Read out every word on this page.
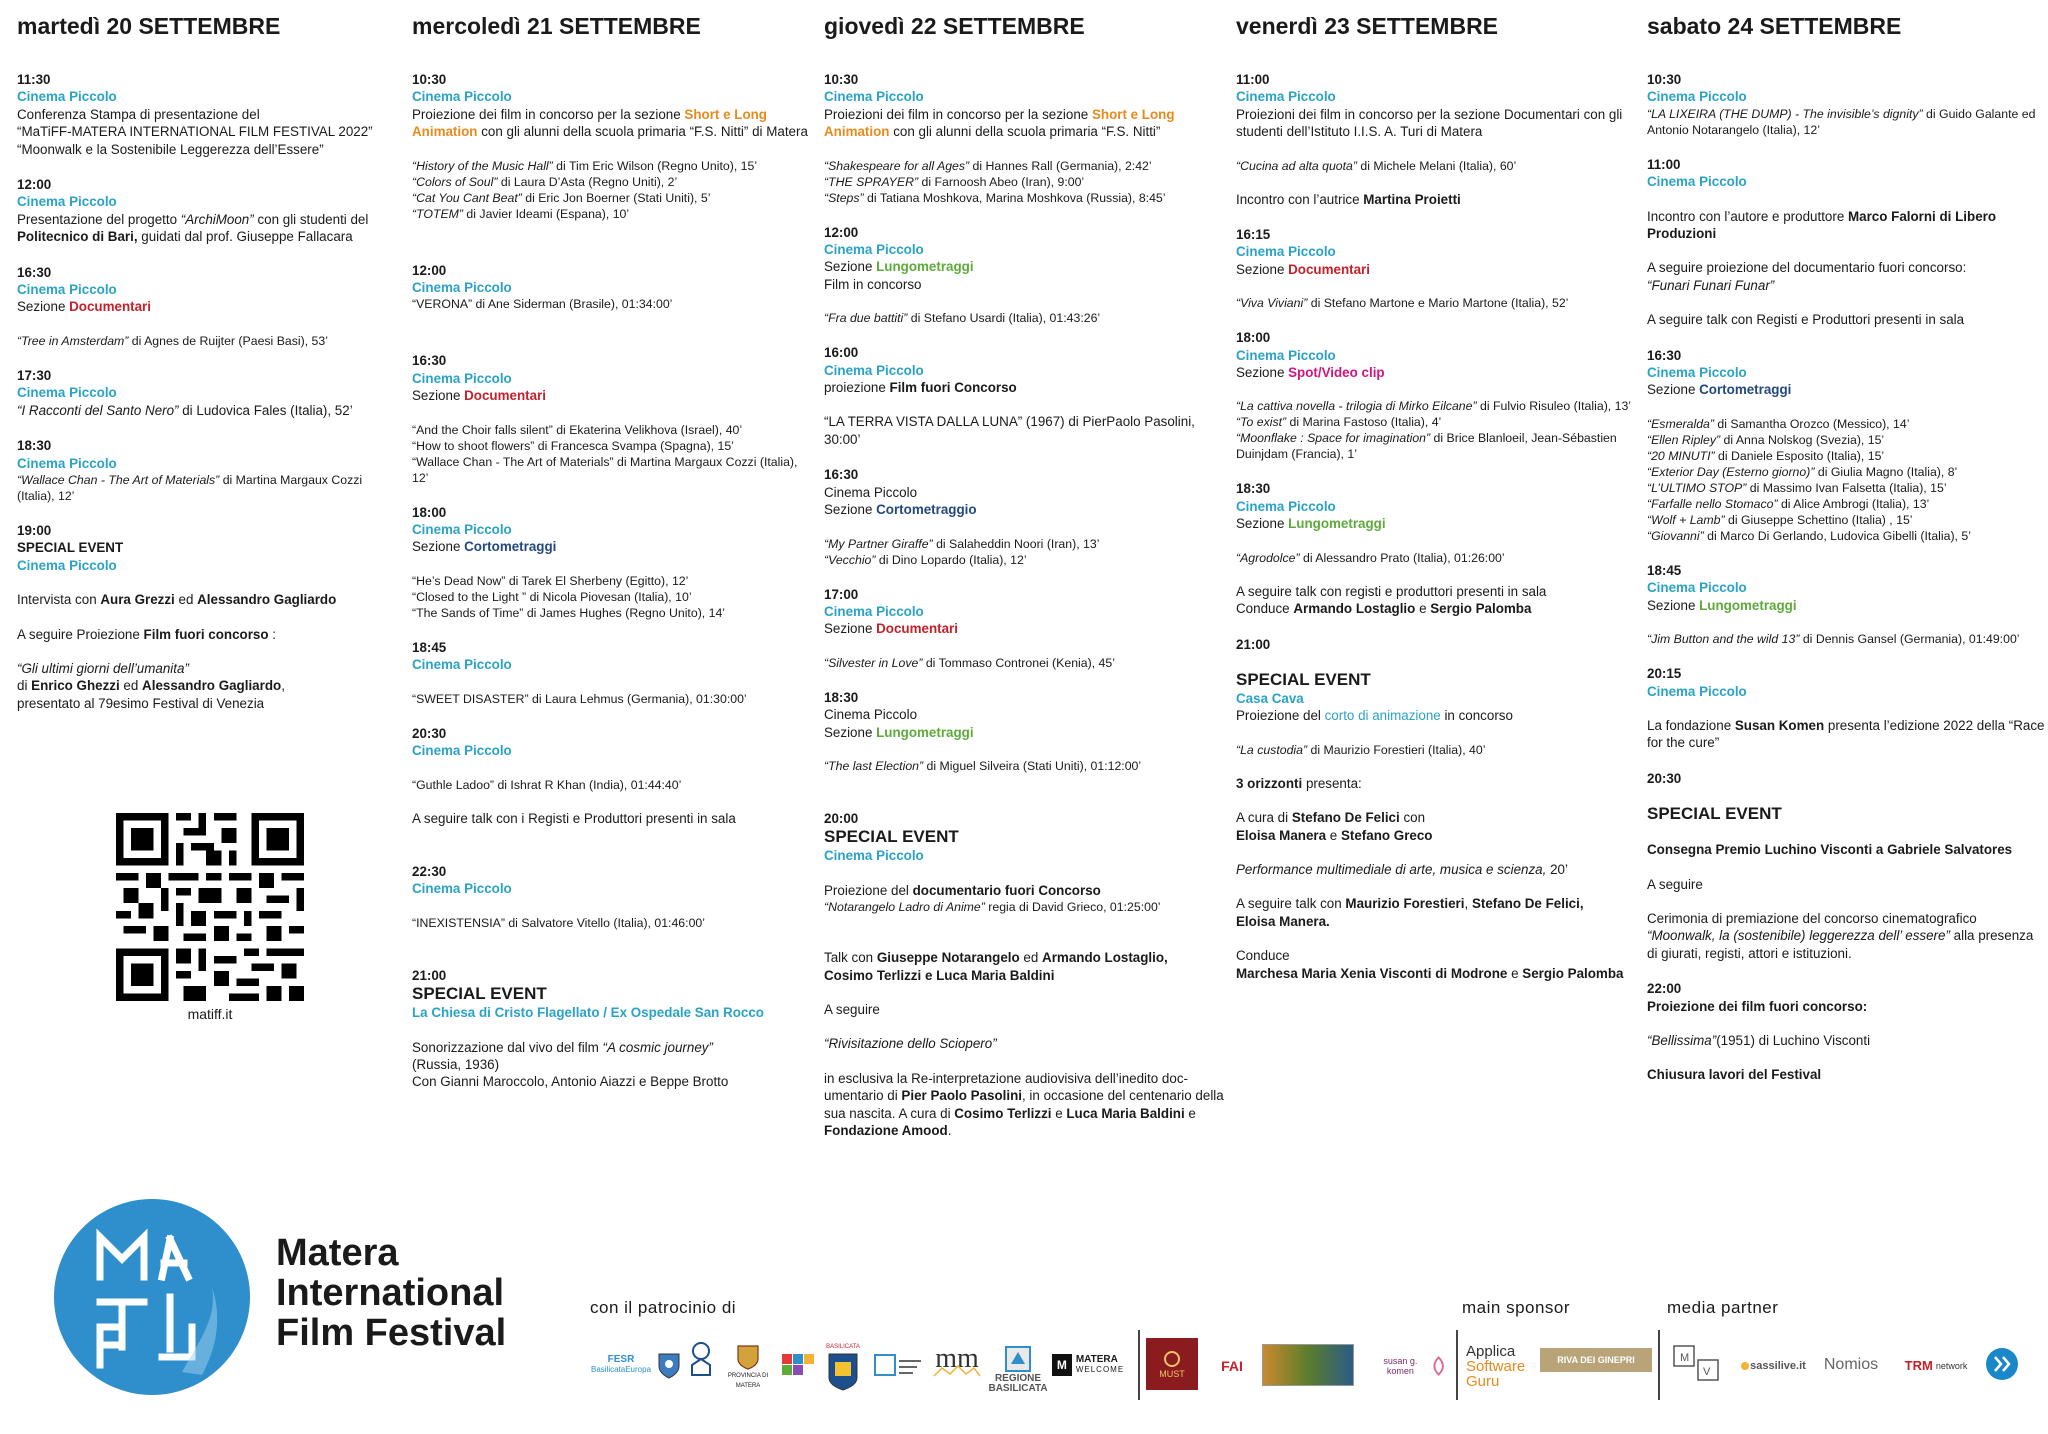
martedì 20 SETTEMBRE
11:30
Cinema Piccolo
Conferenza Stampa di presentazione del
“MaTiFF-MATERA INTERNATIONAL FILM FESTIVAL 2022”
“Moonwalk e la Sostenibile Leggerezza dell’Essere”
12:00
Cinema Piccolo
Presentazione del progetto “ArchiMoon” con gli studenti del Politecnico di Bari, guidati dal prof. Giuseppe Fallacara
16:30
Cinema Piccolo
Sezione Documentari
“Tree in Amsterdam” di Agnes de Ruijter (Paesi Basi), 53’
17:30
Cinema Piccolo
“I Racconti del Santo Nero” di Ludovica Fales (Italia), 52’
18:30
Cinema Piccolo
“Wallace Chan - The Art of Materials” di Martina Margaux Cozzi (Italia), 12’
19:00
SPECIAL EVENT
Cinema Piccolo
Intervista con Aura Grezzi ed Alessandro Gagliardo
A seguire Proiezione Film fuori concorso :
“Gli ultimi giorni dell’umanita”
di Enrico Ghezzi ed Alessandro Gagliardo,
presentato al 79esimo Festival di Venezia
matiff.it
mercoledì 21 SETTEMBRE
10:30
Cinema Piccolo
Proiezione dei film in concorso per la sezione Short e Long Animation con gli alunni della scuola primaria “F.S. Nitti” di Matera
“History of the Music Hall” di Tim Eric Wilson (Regno Unito), 15’
“Colors of Soul” di Laura D’Asta (Regno Uniti), 2’
“Cat You Cant Beat” di Eric Jon Boerner (Stati Uniti), 5’
“TOTEM” di Javier Ideami (Espana), 10’
12:00
Cinema Piccolo
“VERONA” di Ane Siderman (Brasile), 01:34:00’
16:30
Cinema Piccolo
Sezione Documentari
“And the Choir falls silent” di Ekaterina Velikhova (Israel), 40’
“How to shoot flowers” di Francesca Svampa (Spagna), 15’
“Wallace Chan - The Art of Materials” di Martina Margaux Cozzi (Italia), 12’
18:00
Cinema Piccolo
Sezione Cortometraggi
“He’s Dead Now” di Tarek El Sherbeny (Egitto), 12’
“Closed to the Light ” di Nicola Piovesan (Italia), 10’
“The Sands of Time” di James Hughes (Regno Unito), 14’
18:45
Cinema Piccolo
“SWEET DISASTER” di Laura Lehmus (Germania), 01:30:00’
20:30
Cinema Piccolo
“Guthle Ladoo” di Ishrat R Khan (India), 01:44:40’
A seguire talk con i Registi e Produttori presenti in sala
22:30
Cinema Piccolo
“INEXISTENSIA” di Salvatore Vitello (Italia), 01:46:00’
21:00
SPECIAL EVENT
La Chiesa di Cristo Flagellato / Ex Ospedale San Rocco
Sonorizzazione dal vivo del film “A cosmic journey”
(Russia, 1936)
Con Gianni Maroccolo, Antonio Aiazzi e Beppe Brotto
giovedì 22 SETTEMBRE
10:30
Cinema Piccolo
Proiezioni dei film in concorso per la sezione Short e Long Animation con gli alunni della scuola primaria “F.S. Nitti”
“Shakespeare for all Ages” di Hannes Rall (Germania), 2:42’
“THE SPRAYER” di Farnoosh Abeo (Iran), 9:00’
“Steps” di Tatiana Moshkova, Marina Moshkova (Russia), 8:45’
12:00
Cinema Piccolo
Sezione Lungometraggi
Film in concorso
“Fra due battiti” di Stefano Usardi (Italia), 01:43:26’
16:00
Cinema Piccolo
proiezione Film fuori Concorso
“LA TERRA VISTA DALLA LUNA” (1967) di PierPaolo Pasolini, 30:00’
16:30
Cinema Piccolo
Sezione Cortometraggio
“My Partner Giraffe” di Salaheddin Noori (Iran), 13’
“Vecchio” di Dino Lopardo (Italia), 12’
17:00
Cinema Piccolo
Sezione Documentari
“Silvester in Love” di Tommaso Contronei (Kenia), 45’
18:30
Cinema Piccolo
Sezione Lungometraggi
“The last Election” di Miguel Silveira (Stati Uniti), 01:12:00’
20:00
SPECIAL EVENT
Cinema Piccolo
Proiezione del documentario fuori Concorso
“Notarangelo Ladro di Anime” regia di David Grieco, 01:25:00’
Talk con Giuseppe Notarangelo ed Armando Lostaglio,
Cosimo Terlizzi e Luca Maria Baldini
A seguire
“Rivisitazione dello Sciopero”
in esclusiva la Re-interpretazione audiovisiva dell’inedito doc-umentario di Pier Paolo Pasolini, in occasione del centenario della sua nascita. A cura di Cosimo Terlizzi e Luca Maria Baldini e Fondazione Amood.
venerdì 23 SETTEMBRE
11:00
Cinema Piccolo
Proiezioni dei film in concorso per la sezione Documentari con gli studenti dell’Istituto I.I.S. A. Turi di Matera
“Cucina ad alta quota” di Michele Melani (Italia), 60’
Incontro con l’autrice Martina Proietti
16:15
Cinema Piccolo
Sezione Documentari
“Viva Viviani” di Stefano Martone e Mario Martone (Italia), 52’
18:00
Cinema Piccolo
Sezione Spot/Video clip
“La cattiva novella - trilogia di Mirko Eilcane” di Fulvio Risuleo (Italia), 13’
“To exist” di Marina Fastoso (Italia), 4’
“Moonflake : Space for imagination” di Brice Blanloeil, Jean-Sébastien Duinjdam (Francia), 1’
18:30
Cinema Piccolo
Sezione Lungometraggi
“Agrodolce” di Alessandro Prato (Italia), 01:26:00’
A seguire talk con registi e produttori presenti in sala
Conduce Armando Lostaglio e Sergio Palomba
21:00
SPECIAL EVENT
Casa Cava
Proiezione del corto di animazione in concorso
“La custodia” di Maurizio Forestieri (Italia), 40’
3 orizzonti presenta:
A cura di Stefano De Felici con
Eloisa Manera e Stefano Greco
Performance multimediale di arte, musica e scienza, 20’
A seguire talk con Maurizio Forestieri, Stefano De Felici,
Eloisa Manera.
Conduce
Marchesa Maria Xenia Visconti di Modrone e Sergio Palomba
sabato 24 SETTEMBRE
10:30
Cinema Piccolo
“LA LIXEIRA (THE DUMP) - The invisible’s dignity” di Guido Galante ed Antonio Notarangelo (Italia), 12’
11:00
Cinema Piccolo
Incontro con l’autore e produttore Marco Falorni di Libero Produzioni
A seguire proiezione del documentario fuori concorso:
“Funari Funari Funar”
A seguire talk con Registi e Produttori presenti in sala
16:30
Cinema Piccolo
Sezione Cortometraggi
“Esmeralda” di Samantha Orozco (Messico), 14’
“Ellen Ripley” di Anna Nolskog (Svezia), 15’
“20 MINUTI” di Daniele Esposito (Italia), 15’
“Exterior Day (Esterno giorno)” di Giulia Magno (Italia), 8’
“L’ULTIMO STOP” di Massimo Ivan Falsetta (Italia), 15’
“Farfalle nello Stomaco” di Alice Ambrogi (Italia), 13’
“Wolf + Lamb” di Giuseppe Schettino (Italia) , 15’
“Giovanni” di Marco Di Gerlando, Ludovica Gibelli (Italia), 5’
18:45
Cinema Piccolo
Sezione Lungometraggi
“Jim Button and the wild 13” di Dennis Gansel (Germania), 01:49:00’
20:15
Cinema Piccolo
La fondazione Susan Komen presenta l’edizione 2022 della “Race for the cure”
20:30
SPECIAL EVENT
Consegna Premio Luchino Visconti a Gabriele Salvatores
A seguire
Cerimonia di premiazione del concorso cinematografico “Moonwalk, la (sostenibile) leggerezza dell’ essere” alla presenza di giurati, registi, attori e istituzioni.
22:00
Proiezione dei film fuori concorso:
“Bellissima”(1951) di Luchino Visconti
Chiusura lavori del Festival
Matera
International
Film Festival
con il patrocinio di	main sponsor	media partner
FESR
BasilicataEuropa
PROVINCIA DI MATERA
BASILICATA	mm
REGIONE BASILICATA
M MATERA
WELCOME	MUST	FAI	susan g. komen
Applica
Software
Guru
RIVA DEI GINEPRI	M
V	sassilive.it Nomios TRM network
